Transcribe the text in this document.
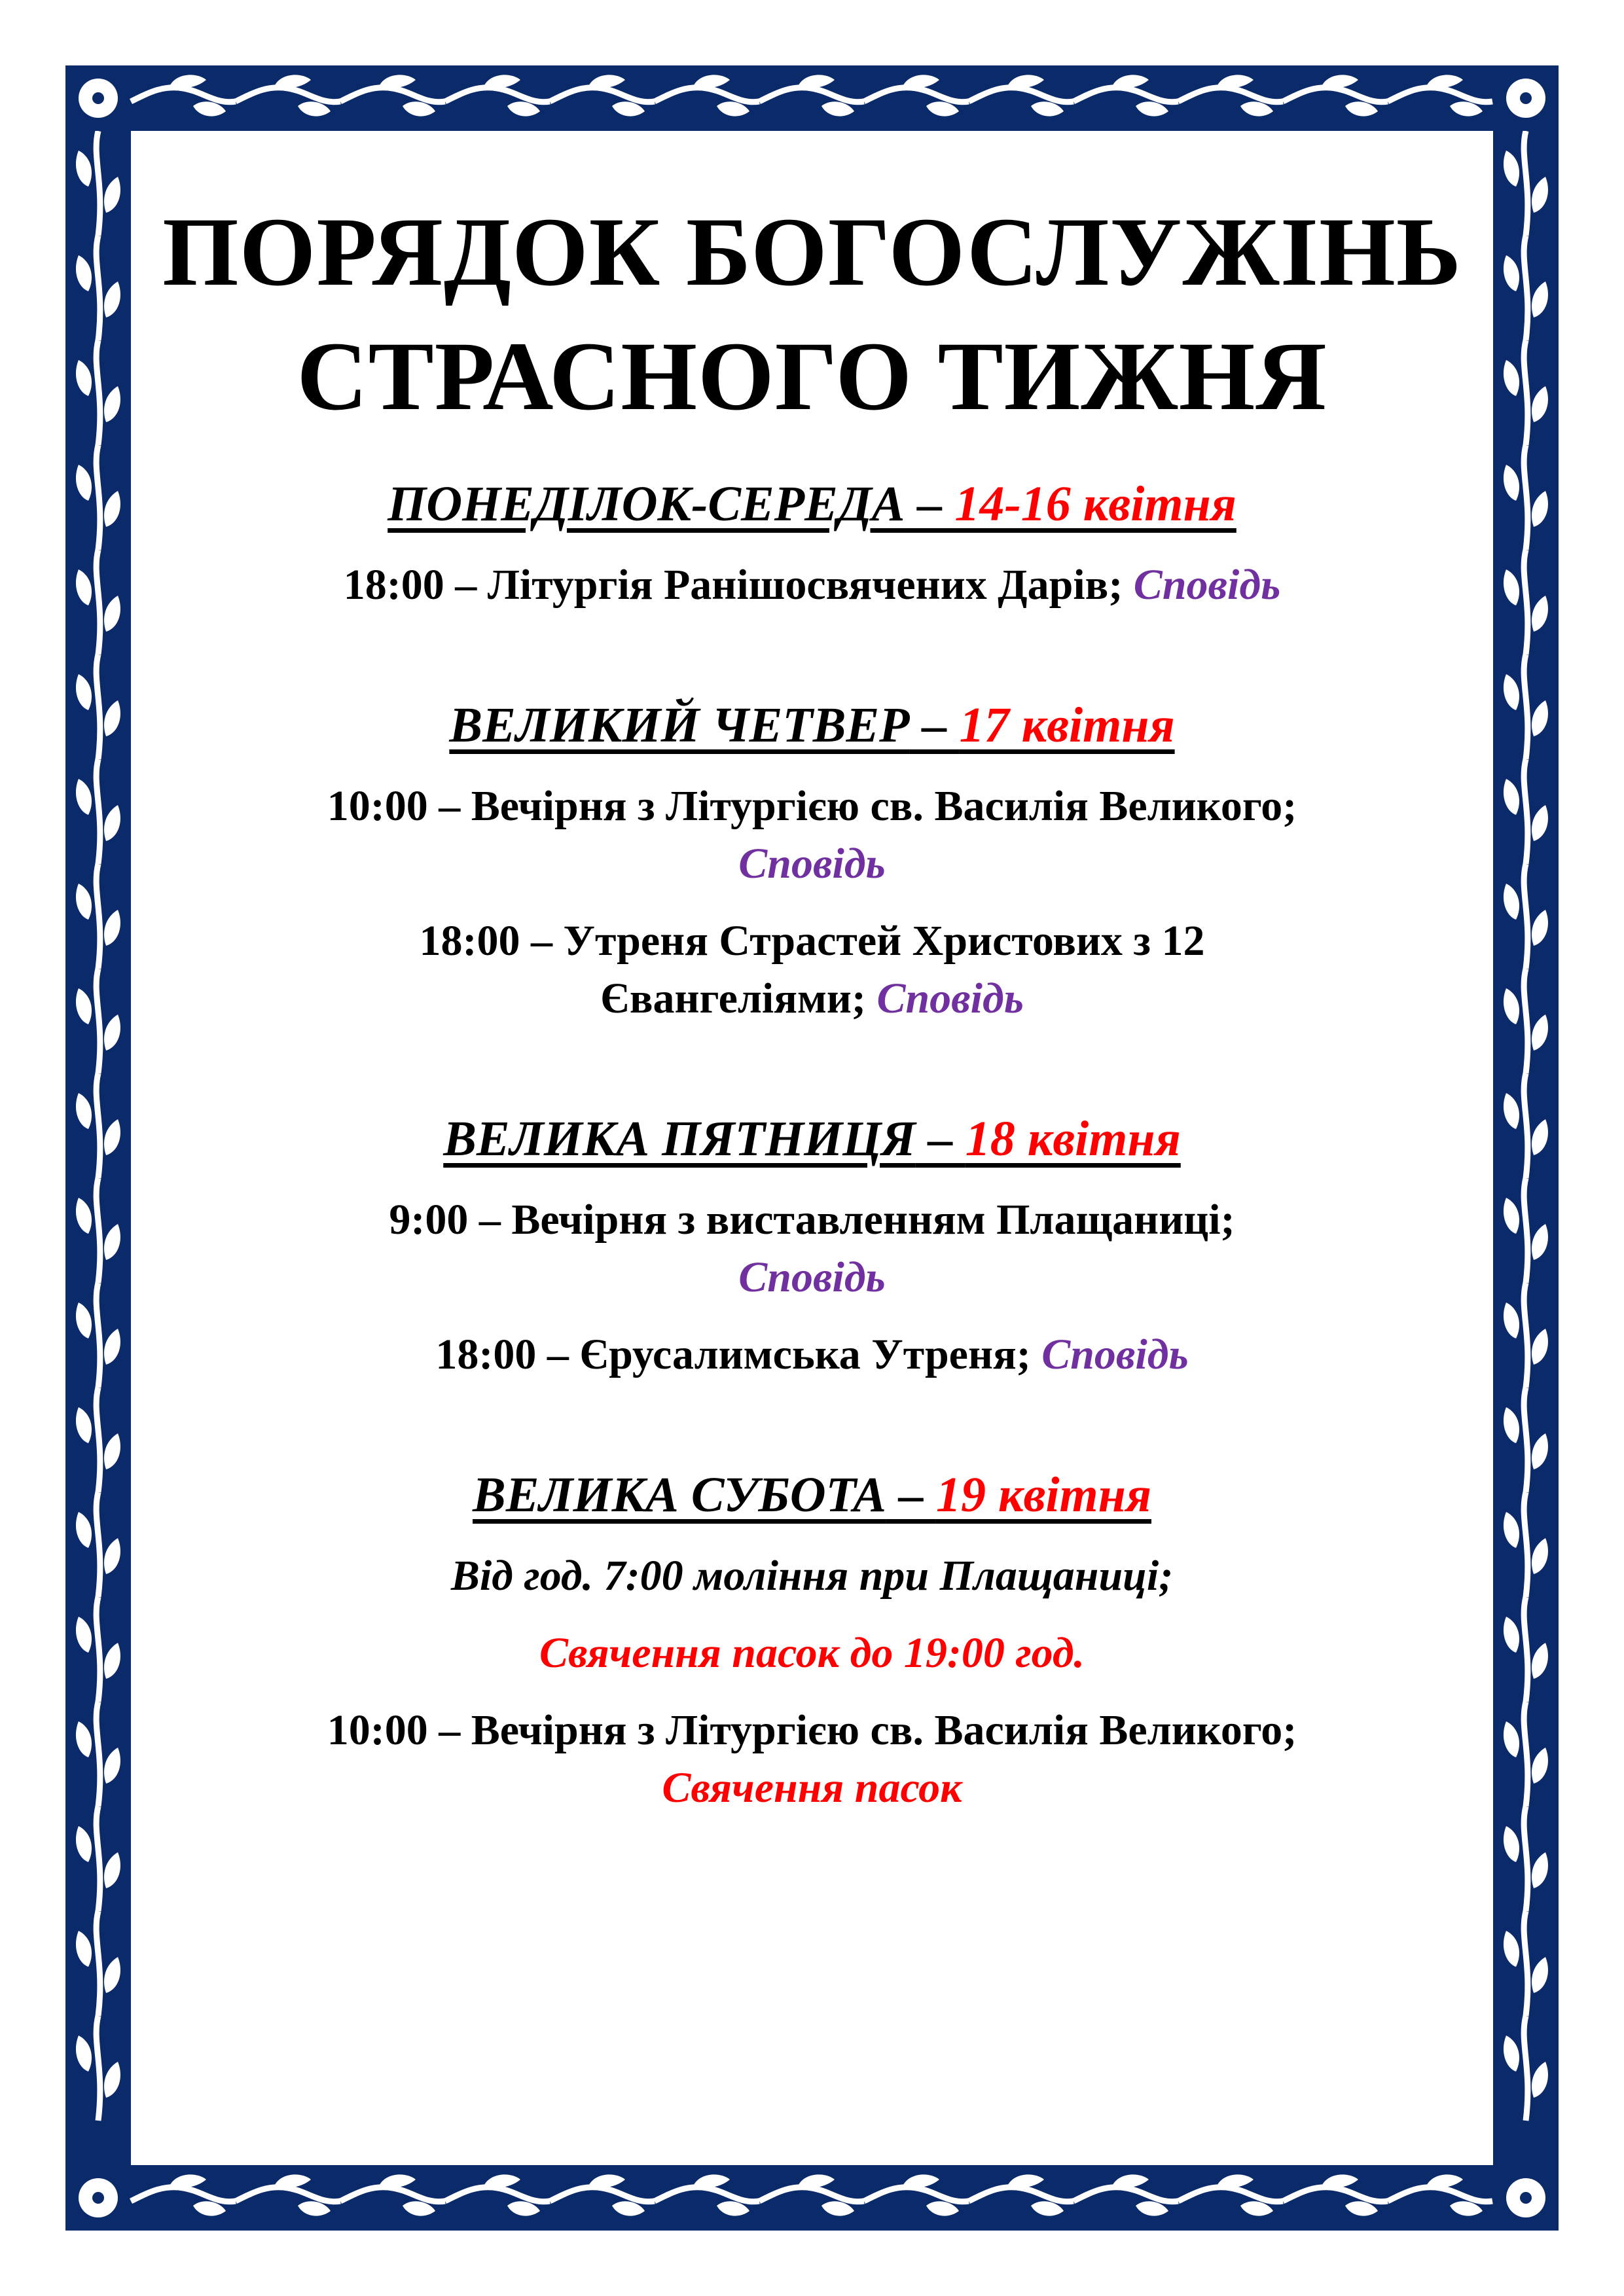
ПОРЯДОК БОГОСЛУЖІНЬ
СТРАСНОГО ТИЖНЯ
ПОНЕДІЛОК-СЕРЕДА – 14-16 квітня
18:00 – Літургія Ранішосвячених Дарів; Сповідь
ВЕЛИКИЙ ЧЕТВЕР – 17 квітня
10:00 – Вечірня з Літургією св. Василія Великого;
Сповідь
18:00 – Утреня Страстей Христових з 12
Євангеліями; Сповідь
ВЕЛИКА ПЯТНИЦЯ – 18 квітня
9:00 – Вечірня з виставленням Плащаниці;
Сповідь
18:00 – Єрусалимська Утреня; Сповідь
ВЕЛИКА СУБОТА – 19 квітня
Від год. 7:00 моління при Плащаниці;
Свячення пасок до 19:00 год.
10:00 – Вечірня з Літургією св. Василія Великого;
Свячення пасок
